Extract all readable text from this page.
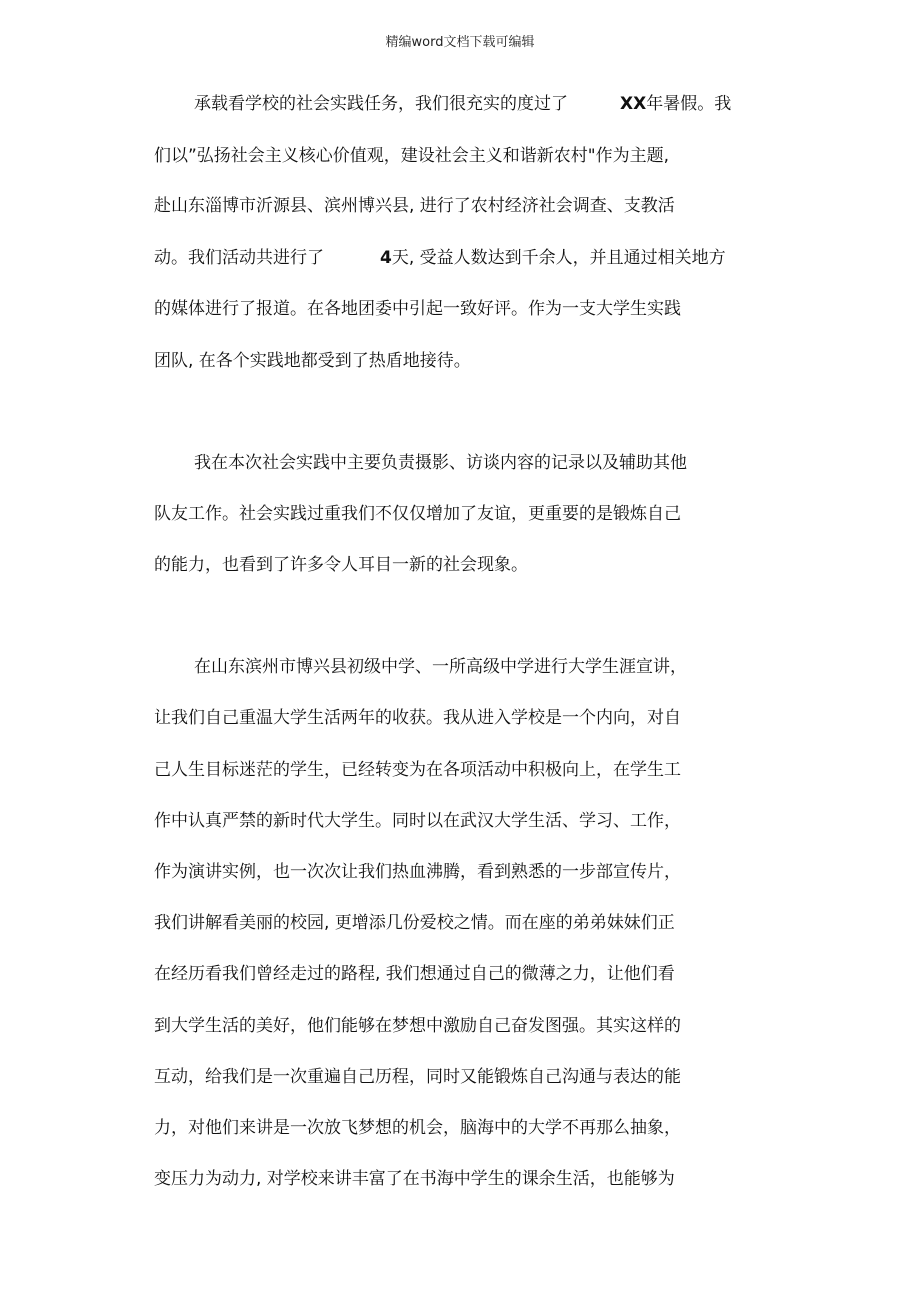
精编word文档下载可编辑
承载看学校的社会实践任务，我们很充实的度过了	XX年暑假。我
们以”弘扬社会主义核心价值观，建设社会主义和谐新农村"作为主题,
赴山东淄博市沂源县、滨州博兴县, 进行了农村经济社会调查、支教活
动。我们活动共进行了	4天, 受益人数达到千余人，并且通过相关地方
的媒体进行了报道。在各地团委中引起一致好评。作为一支大学生实践
团队, 在各个实践地都受到了热盾地接待。
我在本次社会实践中主要负责摄影、访谈内容的记录以及辅助其他
队友工作。社会实践过重我们不仅仅增加了友谊，更重要的是锻炼自己
的能力，也看到了许多令人耳目一新的社会现象。
在山东滨州市博兴县初级中学、一所高级中学进行大学生涯宣讲，
让我们自己重温大学生活两年的收获。我从进入学校是一个内向，对自
己人生目标迷茫的学生，已经转变为在各项活动中积极向上，在学生工
作中认真严禁的新时代大学生。同时以在武汉大学生活、学习、工作，
作为演讲实例，也一次次让我们热血沸腾，看到熟悉的一步部宣传片，
我们讲解看美丽的校园, 更增添几份爱校之情。而在座的弟弟妹妹们正
在经历看我们曾经走过的路程, 我们想通过自己的微薄之力，让他们看
到大学生活的美好，他们能够在梦想中激励自己奋发图强。其实这样的
互动，给我们是一次重遍自己历程，同时又能锻炼自己沟通与表达的能
力，对他们来讲是一次放飞梦想的机会，脑海中的大学不再那么抽象，
变压力为动力, 对学校来讲丰富了在书海中学生的课余生活，也能够为
